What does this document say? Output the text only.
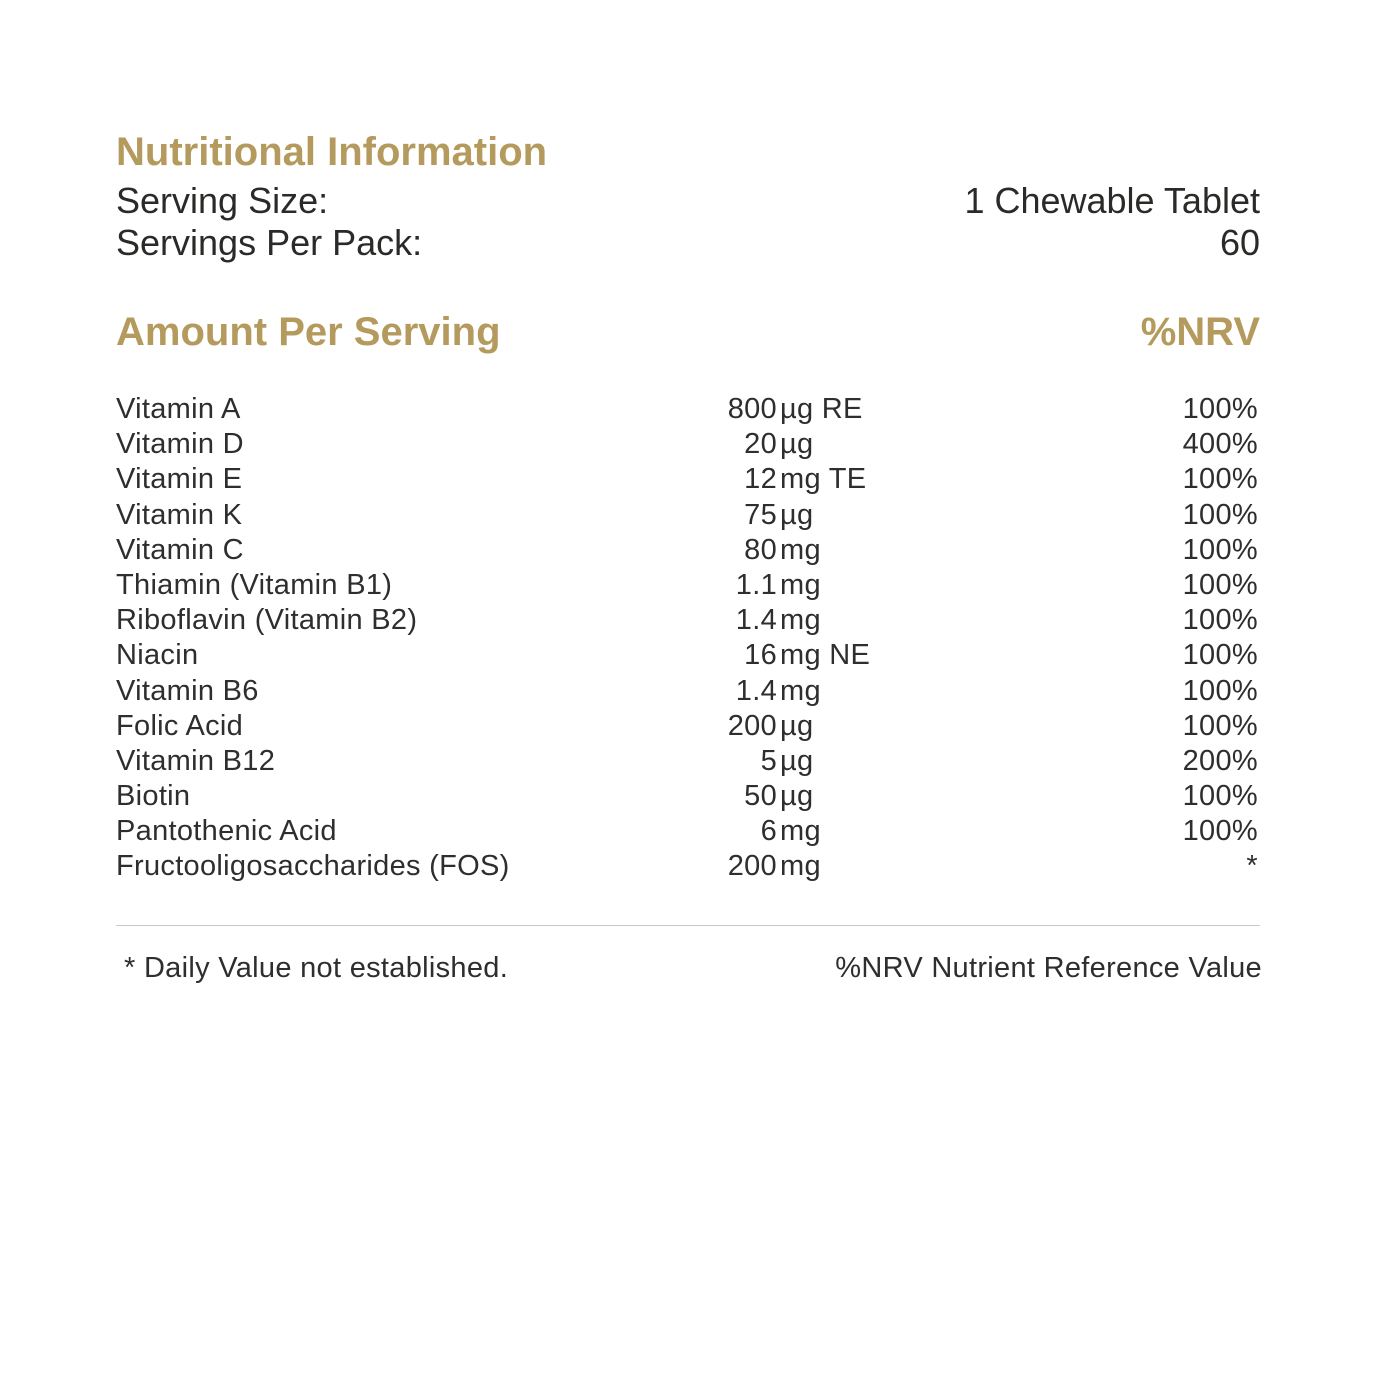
Nutritional Information
Serving Size:	1 Chewable Tablet
Servings Per Pack:	60
Amount Per Serving	%NRV
Vitamin A	800 µg RE	100%
Vitamin D	20 µg	400%
Vitamin E	12 mg TE	100%
Vitamin K	75 µg	100%
Vitamin C	80 mg	100%
Thiamin (Vitamin B1)	1.1 mg	100%
Riboflavin (Vitamin B2)	1.4 mg	100%
Niacin	16 mg NE	100%
Vitamin B6	1.4 mg	100%
Folic Acid	200 µg	100%
Vitamin B12	5 µg	200%
Biotin	50 µg	100%
Pantothenic Acid	6 mg	100%
Fructooligosaccharides (FOS)	200 mg	*
* Daily Value not established.	%NRV Nutrient Reference Value
